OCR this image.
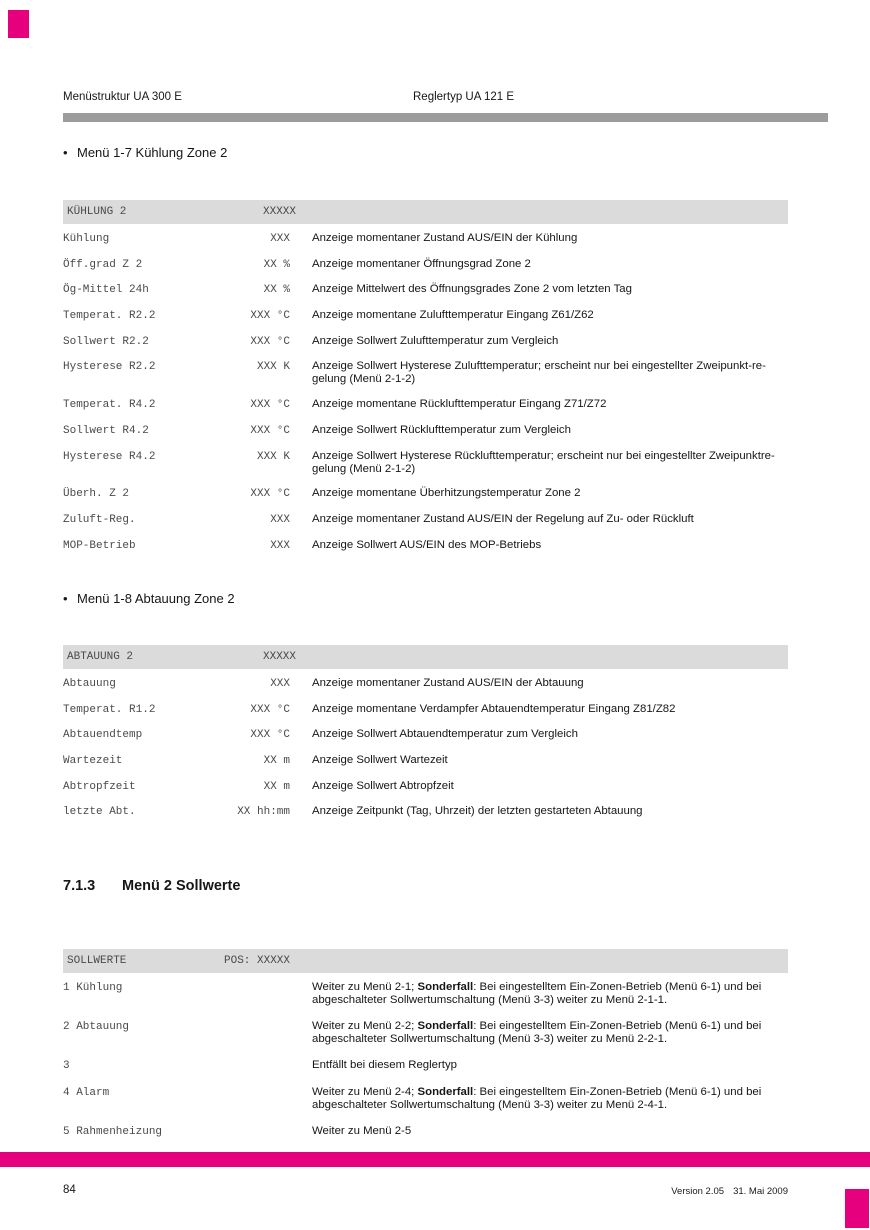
Menüstruktur UA 300 E	Reglertyp UA 121 E
• Menü 1-7 Kühlung Zone 2
KÜHLUNG 2	XXXXX
Kühlung	XXX Anzeige momentaner Zustand AUS/EIN der Kühlung
Öff.grad Z 2	XX % Anzeige momentaner Öffnungsgrad Zone 2
Ög-Mittel 24h	XX % Anzeige Mittelwert des Öffnungsgrades Zone 2 vom letzten Tag
Temperat. R2.2	XXX °C Anzeige momentane Zulufttemperatur Eingang Z61/Z62
Sollwert R2.2	XXX °C Anzeige Sollwert Zulufttemperatur zum Vergleich
Hysterese R2.2	XXX K Anzeige Sollwert Hysterese Zulufttemperatur; erscheint nur bei eingestellter Zweipunkt-re-
gelung (Menü 2-1-2)
Temperat. R4.2	XXX °C Anzeige momentane Rücklufttemperatur Eingang Z71/Z72
Sollwert R4.2	XXX °C Anzeige Sollwert Rücklufttemperatur zum Vergleich
Hysterese R4.2	XXX K Anzeige Sollwert Hysterese Rücklufttemperatur; erscheint nur bei eingestellter Zweipunktre-
gelung (Menü 2-1-2)
Überh. Z 2	XXX °C Anzeige momentane Überhitzungstemperatur Zone 2
Zuluft-Reg.	XXX Anzeige momentaner Zustand AUS/EIN der Regelung auf Zu- oder Rückluft
MOP-Betrieb	XXX Anzeige Sollwert AUS/EIN des MOP-Betriebs
• Menü 1-8 Abtauung Zone 2
ABTAUUNG 2	XXXXX
Abtauung	XXX Anzeige momentaner Zustand AUS/EIN der Abtauung
Temperat. R1.2	XXX °C Anzeige momentane Verdampfer Abtauendtemperatur Eingang Z81/Z82
Abtauendtemp	XXX °C Anzeige Sollwert Abtauendtemperatur zum Vergleich
Wartezeit	XX m Anzeige Sollwert Wartezeit
Abtropfzeit	XX m Anzeige Sollwert Abtropfzeit
letzte Abt.	XX hh:mm Anzeige Zeitpunkt (Tag, Uhrzeit) der letzten gestarteten Abtauung
7.1.3 Menü 2 Sollwerte
SOLLWERTE	POS: XXXXX
1 Kühlung	Weiter zu Menü 2-1; Sonderfall: Bei eingestelltem Ein-Zonen-Betrieb (Menü 6-1) und bei
abgeschalteter Sollwertumschaltung (Menü 3-3) weiter zu Menü 2-1-1.
2 Abtauung	Weiter zu Menü 2-2; Sonderfall: Bei eingestelltem Ein-Zonen-Betrieb (Menü 6-1) und bei
abgeschalteter Sollwertumschaltung (Menü 3-3) weiter zu Menü 2-2-1.
3	Entfällt bei diesem Reglertyp
4 Alarm	Weiter zu Menü 2-4; Sonderfall: Bei eingestelltem Ein-Zonen-Betrieb (Menü 6-1) und bei
abgeschalteter Sollwertumschaltung (Menü 3-3) weiter zu Menü 2-4-1.
5 Rahmenheizung	Weiter zu Menü 2-5
84	Version 2.05 31. Mai 2009
